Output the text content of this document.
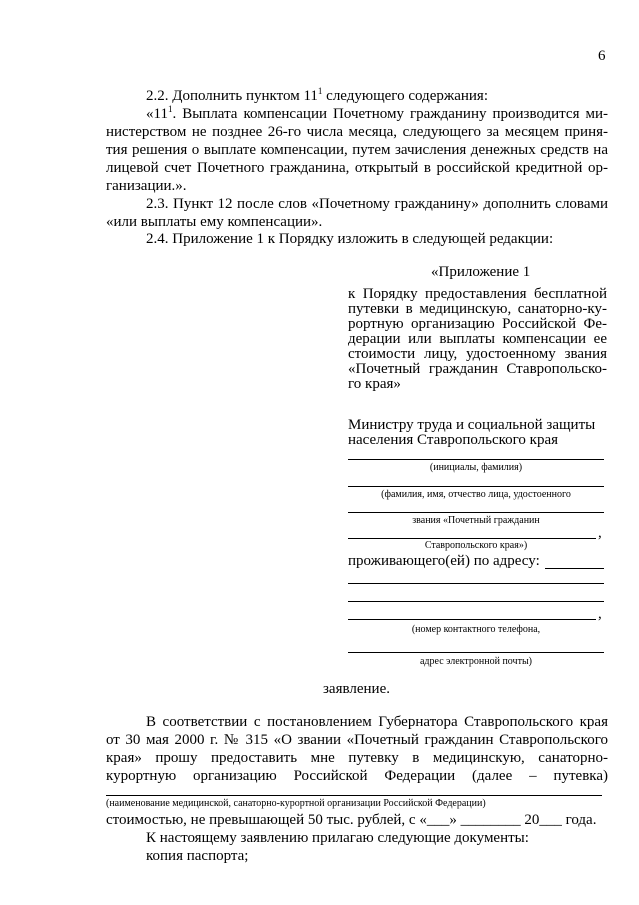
6
2.2. Дополнить пунктом $11^1$ следующего содержания:
«$11^1$. Выплата компенсации Почетному гражданину производится ми-
нистерством не позднее 26-го числа месяца, следующего за месяцем приня-
тия решения о выплате компенсации, путем зачисления денежных средств на
лицевой счет Почетного гражданина, открытый в российской кредитной ор-
ганизации.».
2.3. Пункт 12 после слов «Почетному гражданину» дополнить словами
«или выплаты ему компенсации».
2.4. Приложение 1 к Порядку изложить в следующей редакции:
«Приложение 1
к Порядку предоставления бесплатной
путевки в медицинскую, санаторно-ку-
рортную организацию Российской Фе-
дерации или выплаты компенсации ее
стоимости лицу, удостоенному звания
«Почетный гражданин Ставропольско-
го края»
Министру труда и социальной защиты
населения Ставропольского края
(инициалы, фамилия)
(фамилия, имя, отчество лица, удостоенного
звания «Почетный гражданин
,
Ставропольского края»)
проживающего(ей) по адресу:
,
(номер контактного телефона,
адрес электронной почты)
заявление.
В соответствии с постановлением Губернатора Ставропольского края
от 30 мая 2000 г. № 315 «О звании «Почетный гражданин Ставропольского
края» прошу предоставить мне путевку в медицинскую, санаторно-
курортную организацию Российской Федерации (далее – путевка)
(наименование медицинской, санаторно-курортной организации Российской Федерации)
стоимостью, не превышающей 50 тыс. рублей, с «___» ________ 20___ года.
К настоящему заявлению прилагаю следующие документы:
копия паспорта;
